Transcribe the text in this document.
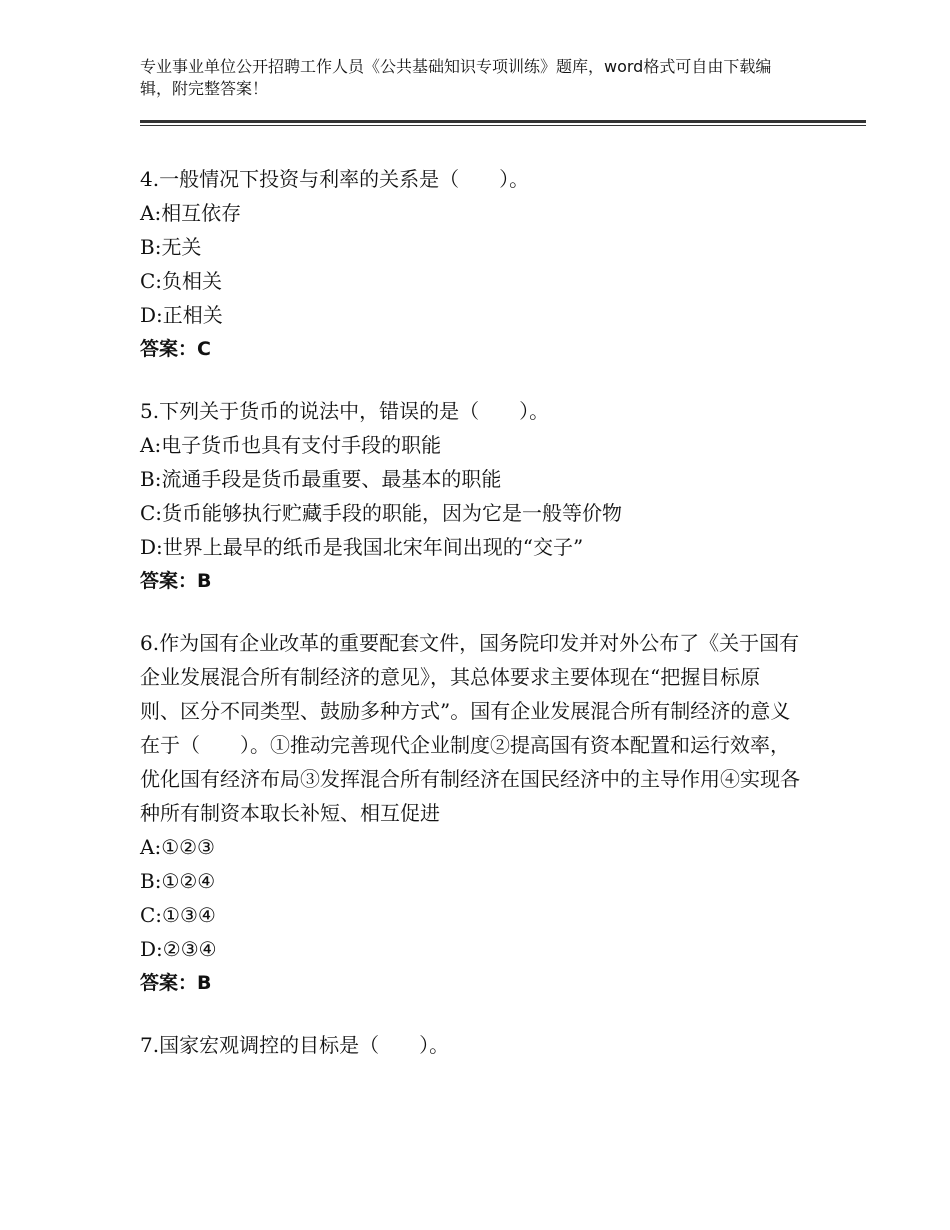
专业事业单位公开招聘工作人员《公共基础知识专项训练》题库，word格式可自由下载编辑，附完整答案！

4.一般情况下投资与利率的关系是（　　）。

A:相互依存

B:无关

C:负相关

D:正相关

答案：C

5.下列关于货币的说法中，错误的是（　　）。

A:电子货币也具有支付手段的职能

B:流通手段是货币最重要、最基本的职能

C:货币能够执行贮藏手段的职能，因为它是一般等价物

D:世界上最早的纸币是我国北宋年间出现的“交子”

答案：B

6.作为国有企业改革的重要配套文件，国务院印发并对外公布了《关于国有企业发展混合所有制经济的意见》，其总体要求主要体现在“把握目标原则、区分不同类型、鼓励多种方式”。国有企业发展混合所有制经济的意义在于（　　）。①推动完善现代企业制度②提高国有资本配置和运行效率，优化国有经济布局③发挥混合所有制经济在国民经济中的主导作用④实现各种所有制资本取长补短、相互促进

A:①②③

B:①②④

C:①③④

D:②③④

答案：B

7.国家宏观调控的目标是（　　）。
